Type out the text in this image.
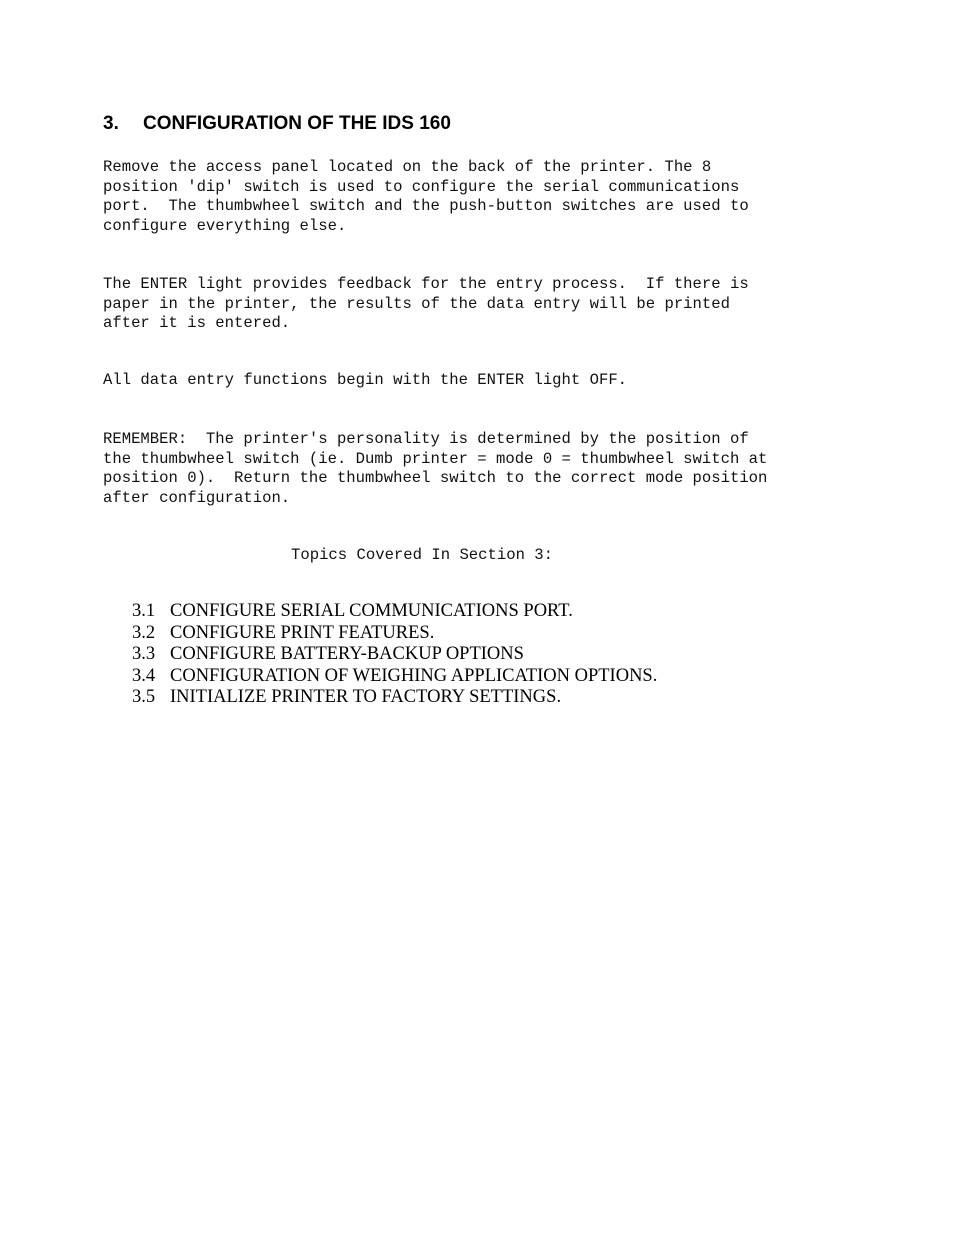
3. CONFIGURATION OF THE IDS 160
Remove the access panel located on the back of the printer. The 8
position 'dip' switch is used to configure the serial communications
port.  The thumbwheel switch and the push-button switches are used to
configure everything else.
The ENTER light provides feedback for the entry process.  If there is
paper in the printer, the results of the data entry will be printed
after it is entered.
All data entry functions begin with the ENTER light OFF.
REMEMBER:  The printer's personality is determined by the position of
the thumbwheel switch (ie. Dumb printer = mode 0 = thumbwheel switch at
position 0).  Return the thumbwheel switch to the correct mode position
after configuration.
Topics Covered In Section 3:
3.1 CONFIGURE SERIAL COMMUNICATIONS PORT.
3.2 CONFIGURE PRINT FEATURES.
3.3 CONFIGURE BATTERY-BACKUP OPTIONS
3.4 CONFIGURATION OF WEIGHING APPLICATION OPTIONS.
3.5 INITIALIZE PRINTER TO FACTORY SETTINGS.
